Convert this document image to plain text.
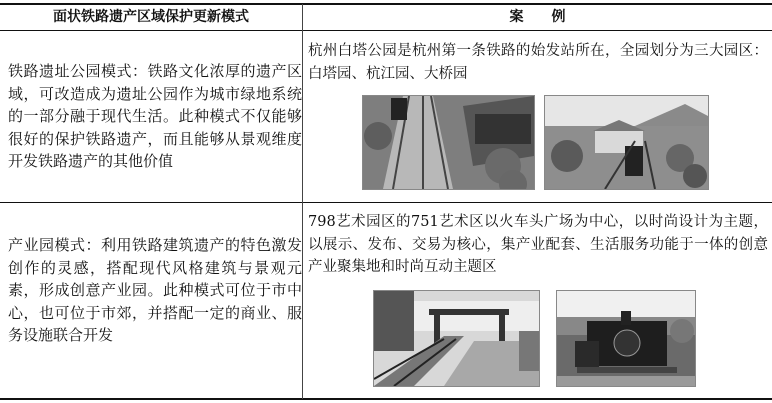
面状铁路遗产区域保护更新模式	案　　例
铁路遗址公园模式：铁路文化浓厚的遗产区域，可改造成为遗址公园作为城市绿地系统的一部分融于现代生活。此种模式不仅能够很好的保护铁路遗产，而且能够从景观维度开发铁路遗产的其他价值
杭州白塔公园是杭州第一条铁路的始发站所在，全园划分为三大园区：白塔园、杭江园、大桥园
产业园模式：利用铁路建筑遗产的特色激发创作的灵感，搭配现代风格建筑与景观元素，形成创意产业园。此种模式可位于市中心，也可位于市郊，并搭配一定的商业、服务设施联合开发
798艺术园区的751艺术区以火车头广场为中心，以时尚设计为主题，以展示、发布、交易为核心，集产业配套、生活服务功能于一体的创意产业聚集地和时尚互动主题区
